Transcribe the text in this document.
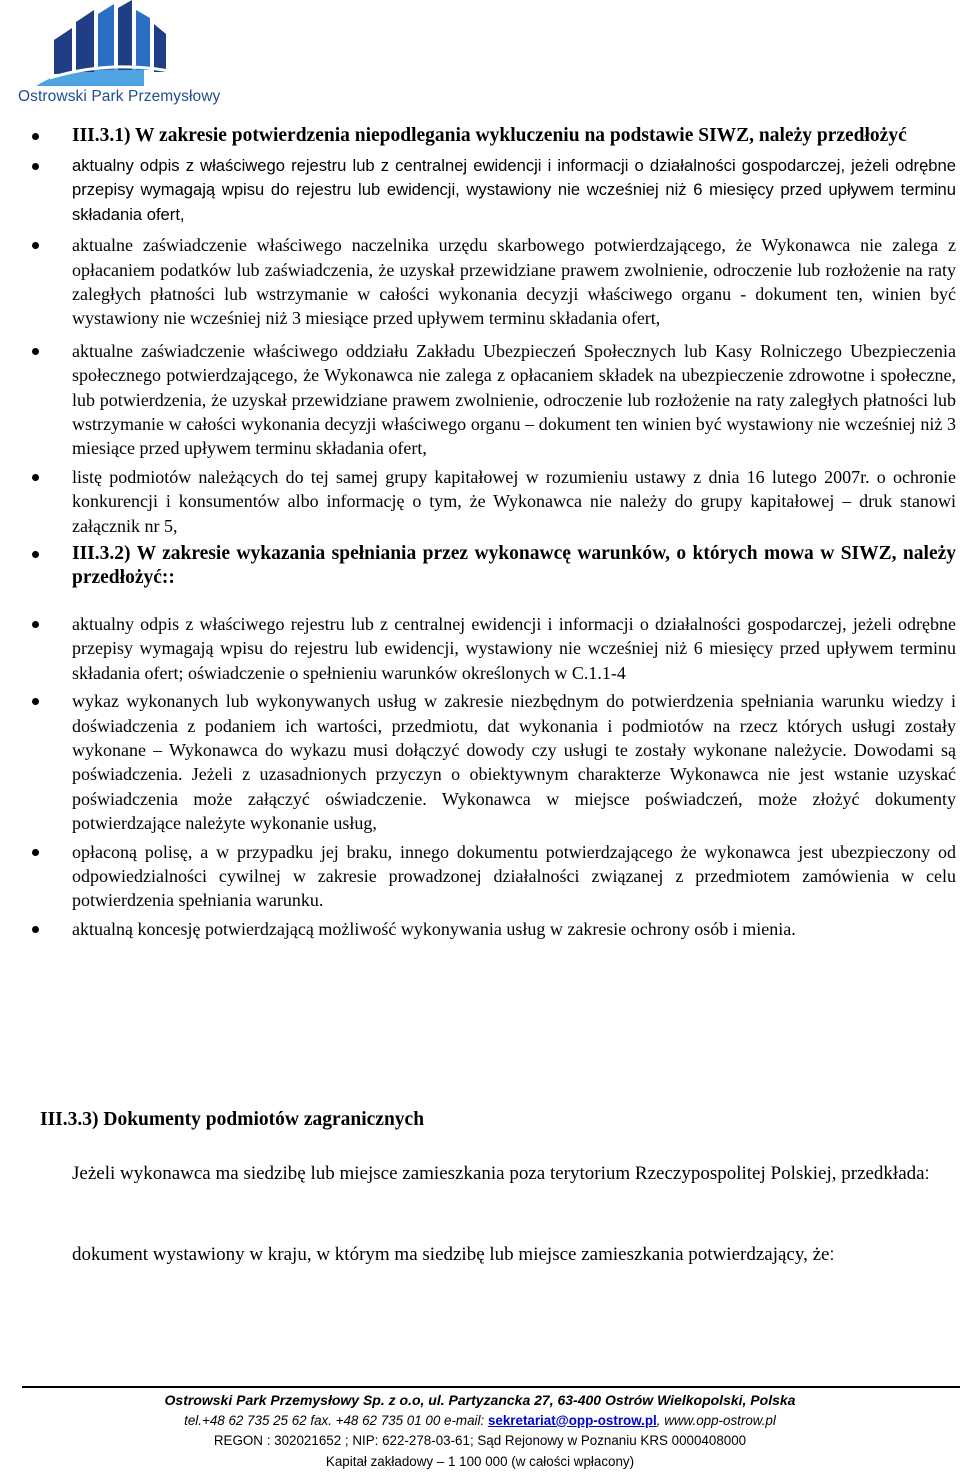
Ostrowski Park Przemysłowy
III.3.1) W zakresie potwierdzenia niepodlegania wykluczeniu na podstawie SIWZ, należy przedłożyć
aktualny odpis z właściwego rejestru lub z centralnej ewidencji i informacji o działalności gospodarczej, jeżeli odrębne przepisy wymagają wpisu do rejestru lub ewidencji, wystawiony nie wcześniej niż 6 miesięcy przed upływem terminu składania ofert,
aktualne zaświadczenie właściwego naczelnika urzędu skarbowego potwierdzającego, że Wykonawca nie zalega z opłacaniem podatków lub zaświadczenia, że uzyskał przewidziane prawem zwolnienie, odroczenie lub rozłożenie na raty zaległych płatności lub wstrzymanie w całości wykonania decyzji właściwego organu - dokument ten, winien być wystawiony nie wcześniej niż 3 miesiące przed upływem terminu składania ofert,
aktualne zaświadczenie właściwego oddziału Zakładu Ubezpieczeń Społecznych lub Kasy Rolniczego Ubezpieczenia społecznego potwierdzającego, że Wykonawca nie zalega z opłacaniem składek na ubezpieczenie zdrowotne i społeczne, lub potwierdzenia, że uzyskał przewidziane prawem zwolnienie, odroczenie lub rozłożenie na raty zaległych płatności lub wstrzymanie w całości wykonania decyzji właściwego organu – dokument ten winien być wystawiony nie wcześniej niż 3 miesiące przed upływem terminu składania ofert,
listę podmiotów należących do tej samej grupy kapitałowej w rozumieniu ustawy z dnia 16 lutego 2007r. o ochronie konkurencji i konsumentów albo informację o tym, że Wykonawca nie należy do grupy kapitałowej – druk stanowi załącznik nr 5,
III.3.2) W zakresie wykazania spełniania przez wykonawcę warunków, o których mowa w SIWZ, należy przedłożyć::
aktualny odpis z właściwego rejestru lub z centralnej ewidencji i informacji o działalności gospodarczej, jeżeli odrębne przepisy wymagają wpisu do rejestru lub ewidencji, wystawiony nie wcześniej niż 6 miesięcy przed upływem terminu składania ofert; oświadczenie o spełnieniu warunków określonych w C.1.1-4
wykaz wykonanych lub wykonywanych usług w zakresie niezbędnym do potwierdzenia spełniania warunku wiedzy i doświadczenia z podaniem ich wartości, przedmiotu, dat wykonania i podmiotów na rzecz których usługi zostały wykonane – Wykonawca do wykazu musi dołączyć dowody czy usługi te zostały wykonane należycie. Dowodami są poświadczenia. Jeżeli z uzasadnionych przyczyn o obiektywnym charakterze Wykonawca nie jest wstanie uzyskać poświadczenia może załączyć oświadczenie. Wykonawca w miejsce poświadczeń, może złożyć dokumenty potwierdzające należyte wykonanie usług,
opłaconą polisę, a w przypadku jej braku, innego dokumentu potwierdzającego że wykonawca jest ubezpieczony od odpowiedzialności cywilnej w zakresie prowadzonej działalności związanej z przedmiotem zamówienia w celu potwierdzenia spełniania warunku.
aktualną koncesję potwierdzającą możliwość wykonywania usług w zakresie ochrony osób i mienia.
III.3.3) Dokumenty podmiotów zagranicznych
Jeżeli wykonawca ma siedzibę lub miejsce zamieszkania poza terytorium Rzeczypospolitej Polskiej, przedkłada:
dokument wystawiony w kraju, w którym ma siedzibę lub miejsce zamieszkania potwierdzający, że:
Ostrowski Park Przemysłowy Sp. z o.o, ul. Partyzancka 27, 63-400 Ostrów Wielkopolski, Polska
tel.+48 62 735 25 62 fax. +48 62 735 01 00 e-mail: sekretariat@opp-ostrow.pl, www.opp-ostrow.pl
REGON : 302021652 ; NIP: 622-278-03-61; Sąd Rejonowy w Poznaniu KRS 0000408000
Kapitał zakładowy – 1 100 000 (w całości wpłacony)
